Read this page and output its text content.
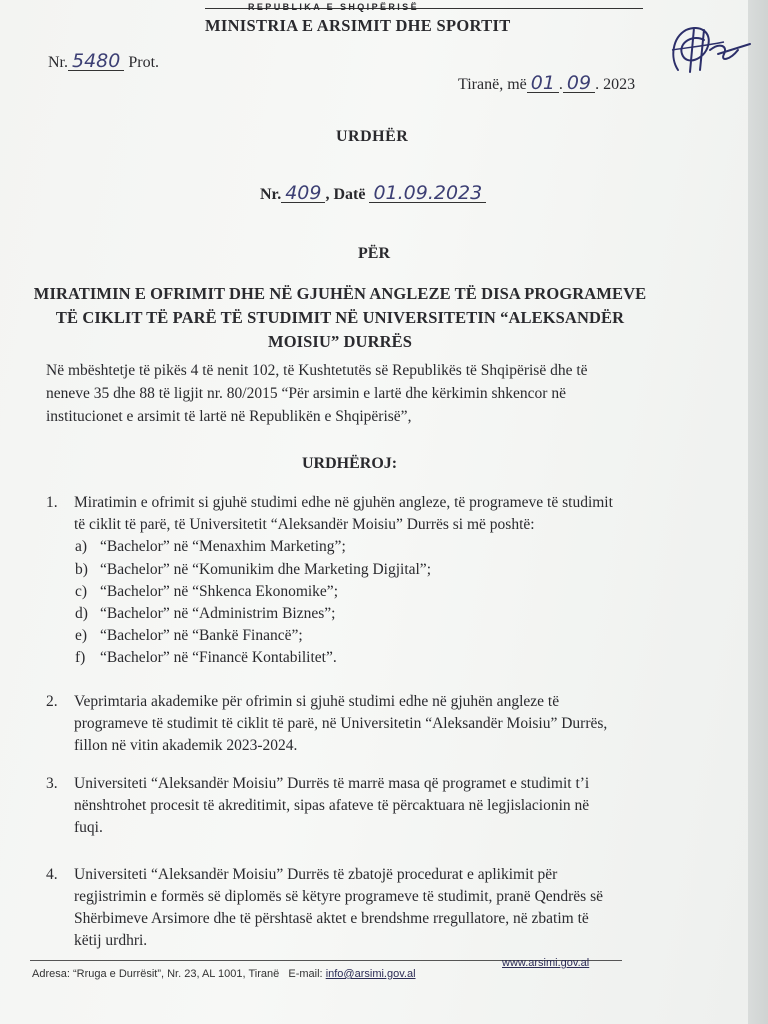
REPUBLIKA E SHQIPËRISË
MINISTRIA E ARSIMIT DHE SPORTIT
Nr. 5480 Prot.
Tiranë, më 01 . 09 . 2023
URDHËR
Nr. 409 , Datë 01.09.2023
PËR
MIRATIMIN E OFRIMIT DHE NË GJUHËN ANGLEZE TË DISA PROGRAMEVE
TË CIKLIT TË PARË TË STUDIMIT NË UNIVERSITETIN “ALEKSANDËR
MOISIU” DURRËS
Në mbështetje të pikës 4 të nenit 102, të Kushtetutës së Republikës të Shqipërisë dhe të
neneve 35 dhe 88 të ligjit nr. 80/2015 “Për arsimin e lartë dhe kërkimin shkencor në
institucionet e arsimit të lartë në Republikën e Shqipërisë”,
URDHËROJ:
1. Miratimin e ofrimit si gjuhë studimi edhe në gjuhën angleze, të programeve të studimit
të ciklit të parë, të Universitetit “Aleksandër Moisiu” Durrës si më poshtë:
a) “Bachelor” në “Menaxhim Marketing”;
b) “Bachelor” në “Komunikim dhe Marketing Digjital”;
c) “Bachelor” në “Shkenca Ekonomike”;
d) “Bachelor” në “Administrim Biznes”;
e) “Bachelor” në “Bankë Financë”;
f) “Bachelor” në “Financë Kontabilitet”.
2. Veprimtaria akademike për ofrimin si gjuhë studimi edhe në gjuhën angleze të
programeve të studimit të ciklit të parë, në Universitetin “Aleksandër Moisiu” Durrës,
fillon në vitin akademik 2023-2024.
3. Universiteti “Aleksandër Moisiu” Durrës të marrë masa që programet e studimit t’i
nënshtrohet procesit të akreditimit, sipas afateve të përcaktuara në legjislacionin në
fuqi.
4. Universiteti “Aleksandër Moisiu” Durrës të zbatojë procedurat e aplikimit për
regjistrimin e formës së diplomës së këtyre programeve të studimit, pranë Qendrës së
Shërbimeve Arsimore dhe të përshtasë aktet e brendshme rregullatore, në zbatim të
këtij urdhri.
Adresa: “Rruga e Durrësit”, Nr. 23, AL 1001, Tiranë E-mail: info@arsimi.gov.al
www.arsimi.gov.al
